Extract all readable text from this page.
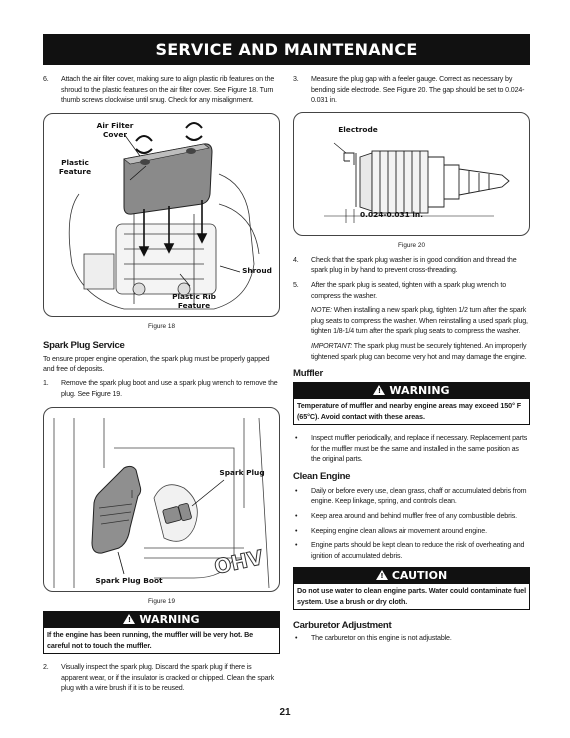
SERVICE AND MAINTENANCE
6.	Attach the air filter cover, making sure to align plastic rib features on the shroud to the plastic features on the air filter cover. See Figure 18. Turn thumb screws clockwise until snug. Check for any misalignment.
Air Filter Cover
Plastic Feature
Shroud
Plastic Rib Feature
Figure 18
Spark Plug Service
To ensure proper engine operation, the spark plug must be properly gapped and free of deposits.
1.	Remove the spark plug boot and use a spark plug wrench to remove the plug. See Figure 19.
OHV
Spark Plug
Spark Plug Boot
Figure 19
! WARNING
If the engine has been running, the muffler will be very hot. Be careful not to touch the muffler.
2.	Visually inspect the spark plug. Discard the spark plug if there is apparent wear, or if the insulator is cracked or chipped. Clean the spark plug with a wire brush if it is to be reused.
3.	Measure the plug gap with a feeler gauge. Correct as necessary by bending side electrode. See Figure 20. The gap should be set to 0.024-0.031 in.
Electrode
0.024-0.031 in.
Figure 20
4.	Check that the spark plug washer is in good condition and thread the spark plug in by hand to prevent cross-threading.
5.	After the spark plug is seated, tighten with a spark plug wrench to compress the washer.
NOTE: When installing a new spark plug, tighten 1/2 turn after the spark plug seats to compress the washer. When reinstalling a used spark plug, tighten 1/8-1/4 turn after the spark plug seats to compress the washer.
IMPORTANT: The spark plug must be securely tightened. An improperly tightened spark plug can become very hot and may damage the engine.
Muffler
! WARNING
Temperature of muffler and nearby engine areas may exceed 150° F (65°C). Avoid contact with these areas.
•	Inspect muffler periodically, and replace if necessary. Replacement parts for the muffler must be the same and installed in the same position as the original parts.
Clean Engine
•	Daily or before every use, clean grass, chaff or accumulated debris from engine. Keep linkage, spring, and controls clean.
•	Keep area around and behind muffler free of any combustible debris.
•	Keeping engine clean allows air movement around engine.
•	Engine parts should be kept clean to reduce the risk of overheating and ignition of accumulated debris.
! CAUTION
Do not use water to clean engine parts. Water could contaminate fuel system. Use a brush or dry cloth.
Carburetor Adjustment
•	The carburetor on this engine is not adjustable.
21
